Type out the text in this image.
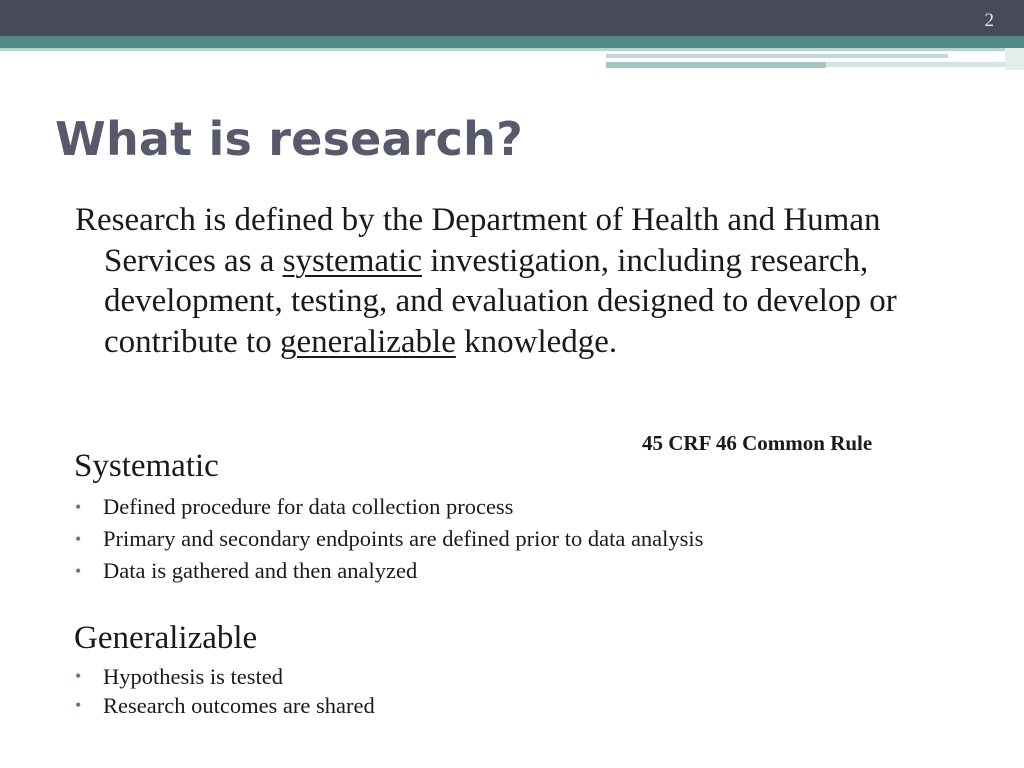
2
What is research?

Research is defined by the Department of Health and Human Services as a systematic investigation, including research, development, testing, and evaluation designed to develop or contribute to generalizable knowledge.

45 CRF 46 Common Rule
Systematic
• Defined procedure for data collection process
• Primary and secondary endpoints are defined prior to data analysis
• Data is gathered and then analyzed
Generalizable
• Hypothesis is tested
• Research outcomes are shared
